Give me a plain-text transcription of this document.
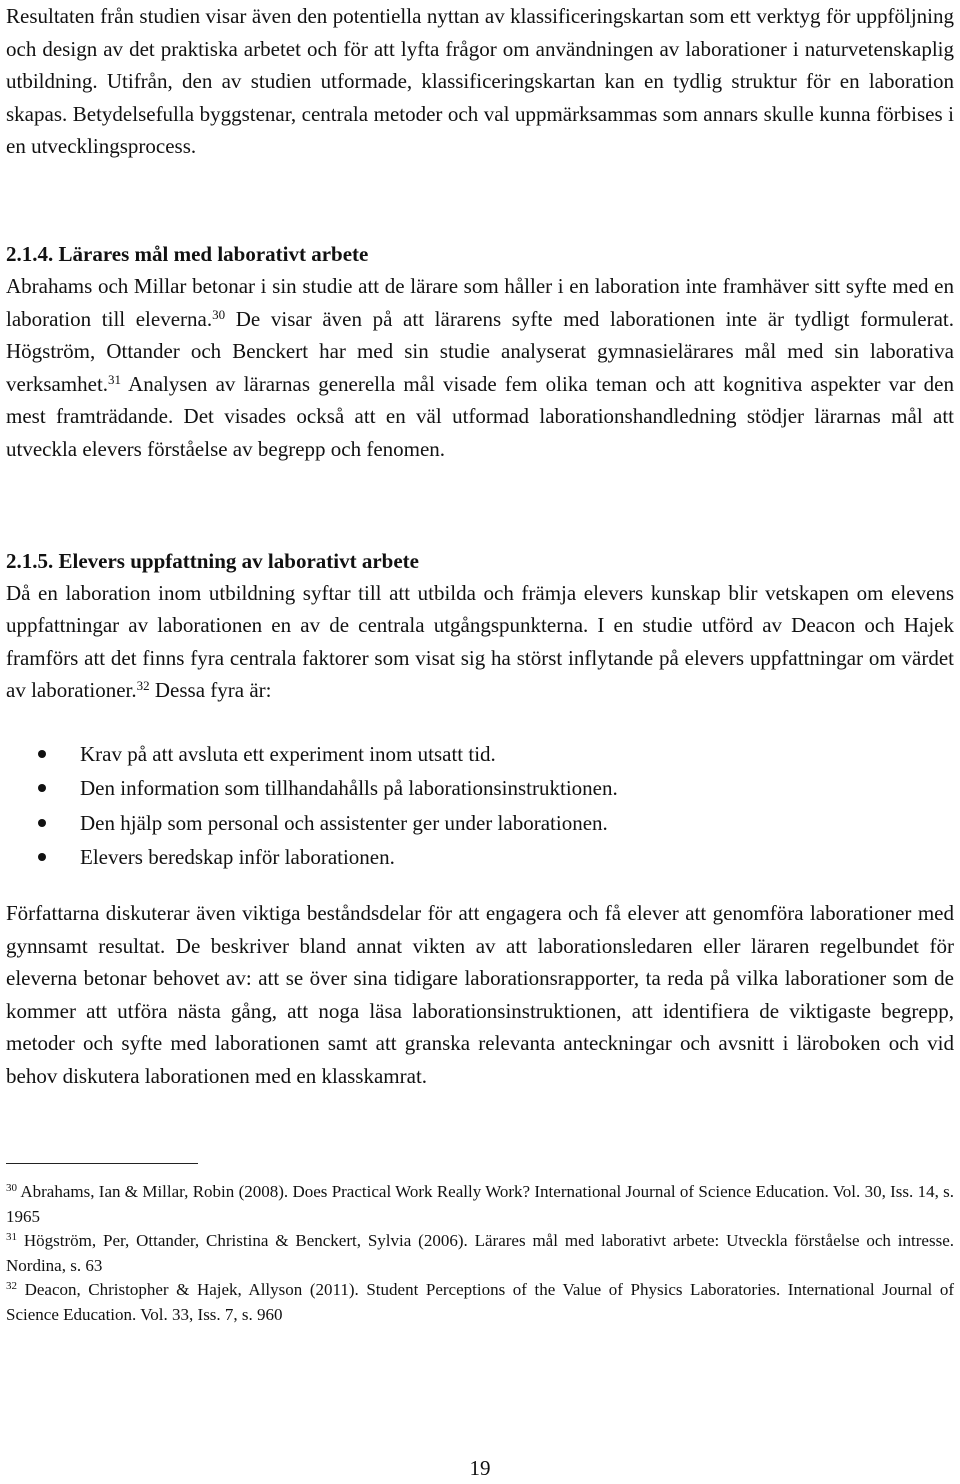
Resultaten från studien visar även den potentiella nyttan av klassificeringskartan som ett verktyg för uppföljning och design av det praktiska arbetet och för att lyfta frågor om användningen av laborationer i naturvetenskaplig utbildning. Utifrån, den av studien utformade, klassificeringskartan kan en tydlig struktur för en laboration skapas. Betydelsefulla byggstenar, centrala metoder och val uppmärksammas som annars skulle kunna förbises i en utvecklingsprocess.

2.1.4. Lärares mål med laborativt arbete

Abrahams och Millar betonar i sin studie att de lärare som håller i en laboration inte framhäver sitt syfte med en laboration till eleverna.$^{30}$ De visar även på att lärarens syfte med laborationen inte är tydligt formulerat. Högström, Ottander och Benckert har med sin studie analyserat gymnasielärares mål med sin laborativa verksamhet.$^{31}$ Analysen av lärarnas generella mål visade fem olika teman och att kognitiva aspekter var den mest framträdande. Det visades också att en väl utformad laborationshandledning stödjer lärarnas mål att utveckla elevers förståelse av begrepp och fenomen.

2.1.5. Elevers uppfattning av laborativt arbete

Då en laboration inom utbildning syftar till att utbilda och främja elevers kunskap blir vetskapen om elevens uppfattningar av laborationen en av de centrala utgångspunkterna. I en studie utförd av Deacon och Hajek framförs att det finns fyra centrala faktorer som visat sig ha störst inflytande på elevers uppfattningar om värdet av laborationer.$^{32}$ Dessa fyra är:

Krav på att avsluta ett experiment inom utsatt tid.
Den information som tillhandahålls på laborationsinstruktionen.
Den hjälp som personal och assistenter ger under laborationen.
Elevers beredskap inför laborationen.

Författarna diskuterar även viktiga beståndsdelar för att engagera och få elever att genomföra laborationer med gynnsamt resultat. De beskriver bland annat vikten av att laborationsledaren eller läraren regelbundet för eleverna betonar behovet av: att se över sina tidigare laborationsrapporter, ta reda på vilka laborationer som de kommer att utföra nästa gång, att noga läsa laborationsinstruktionen, att identifiera de viktigaste begrepp, metoder och syfte med laborationen samt att granska relevanta anteckningar och avsnitt i läroboken och vid behov diskutera laborationen med en klasskamrat.

$^{30}$ Abrahams, Ian & Millar, Robin (2008). Does Practical Work Really Work? International Journal of Science Education. Vol. 30, Iss. 14, s. 1965

$^{31}$ Högström, Per, Ottander, Christina & Benckert, Sylvia (2006). Lärares mål med laborativt arbete: Utveckla förståelse och intresse. Nordina, s. 63

$^{32}$ Deacon, Christopher & Hajek, Allyson (2011). Student Perceptions of the Value of Physics Laboratories. International Journal of Science Education. Vol. 33, Iss. 7, s. 960

19
